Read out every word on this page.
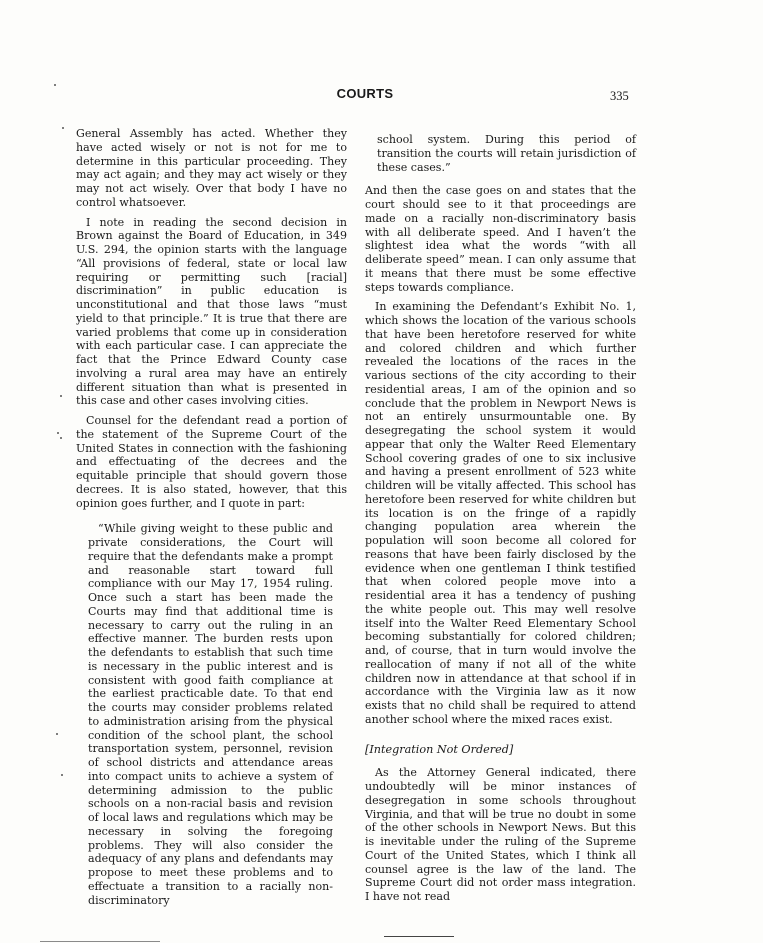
COURTS	335

General Assembly has acted. Whether they have acted wisely or not is not for me to determine in this particular proceeding. They may act again; and they may act wisely or they may not act wisely. Over that body I have no control whatsoever.

I note in reading the second decision in Brown against the Board of Education, in 349 U.S. 294, the opinion starts with the language “All provisions of federal, state or local law requiring or permitting such [racial] discrimination” in public education is unconstitutional and that those laws “must yield to that principle.” It is true that there are varied problems that come up in consideration with each particular case. I can appreciate the fact that the Prince Edward County case involving a rural area may have an entirely different situation than what is presented in this case and other cases involving cities.

Counsel for the defendant read a portion of the statement of the Supreme Court of the United States in connection with the fashioning and effectuating of the decrees and the equitable principle that should govern those decrees. It is also stated, however, that this opinion goes further, and I quote in part:

“While giving weight to these public and private considerations, the Court will require that the defendants make a prompt and reasonable start toward full compliance with our May 17, 1954 ruling. Once such a start has been made the Courts may find that additional time is necessary to carry out the ruling in an effective manner. The burden rests upon the defendants to establish that such time is necessary in the public interest and is consistent with good faith compliance at the earliest practicable date. To that end the courts may consider problems related to administration arising from the physical condition of the school plant, the school transportation system, personnel, revision of school districts and attendance areas into compact units to achieve a system of determining admission to the public schools on a non-racial basis and revision of local laws and regulations which may be necessary in solving the foregoing problems. They will also consider the adequacy of any plans and defendants may propose to meet these problems and to effectuate a transition to a racially non-discriminatory

school system. During this period of transition the courts will retain jurisdiction of these cases.”

And then the case goes on and states that the court should see to it that proceedings are made on a racially non-discriminatory basis with all deliberate speed. And I haven’t the slightest idea what the words “with all deliberate speed” mean. I can only assume that it means that there must be some effective steps towards compliance.

In examining the Defendant’s Exhibit No. 1, which shows the location of the various schools that have been heretofore reserved for white and colored children and which further revealed the locations of the races in the various sections of the city according to their residential areas, I am of the opinion and so conclude that the problem in Newport News is not an entirely unsurmountable one. By desegregating the school system it would appear that only the Walter Reed Elementary School covering grades of one to six inclusive and having a present enrollment of 523 white children will be vitally affected. This school has heretofore been reserved for white children but its location is on the fringe of a rapidly changing population area wherein the population will soon become all colored for reasons that have been fairly disclosed by the evidence when one gentleman I think testified that when colored people move into a residential area it has a tendency of pushing the white people out. This may well resolve itself into the Walter Reed Elementary School becoming substantially for colored children; and, of course, that in turn would involve the reallocation of many if not all of the white children now in attendance at that school if in accordance with the Virginia law as it now exists that no child shall be required to attend another school where the mixed races exist.

[Integration Not Ordered]

As the Attorney General indicated, there undoubtedly will be minor instances of desegregation in some schools throughout Virginia, and that will be true no doubt in some of the other schools in Newport News. But this is inevitable under the ruling of the Supreme Court of the United States, which I think all counsel agree is the law of the land. The Supreme Court did not order mass integration. I have not read
